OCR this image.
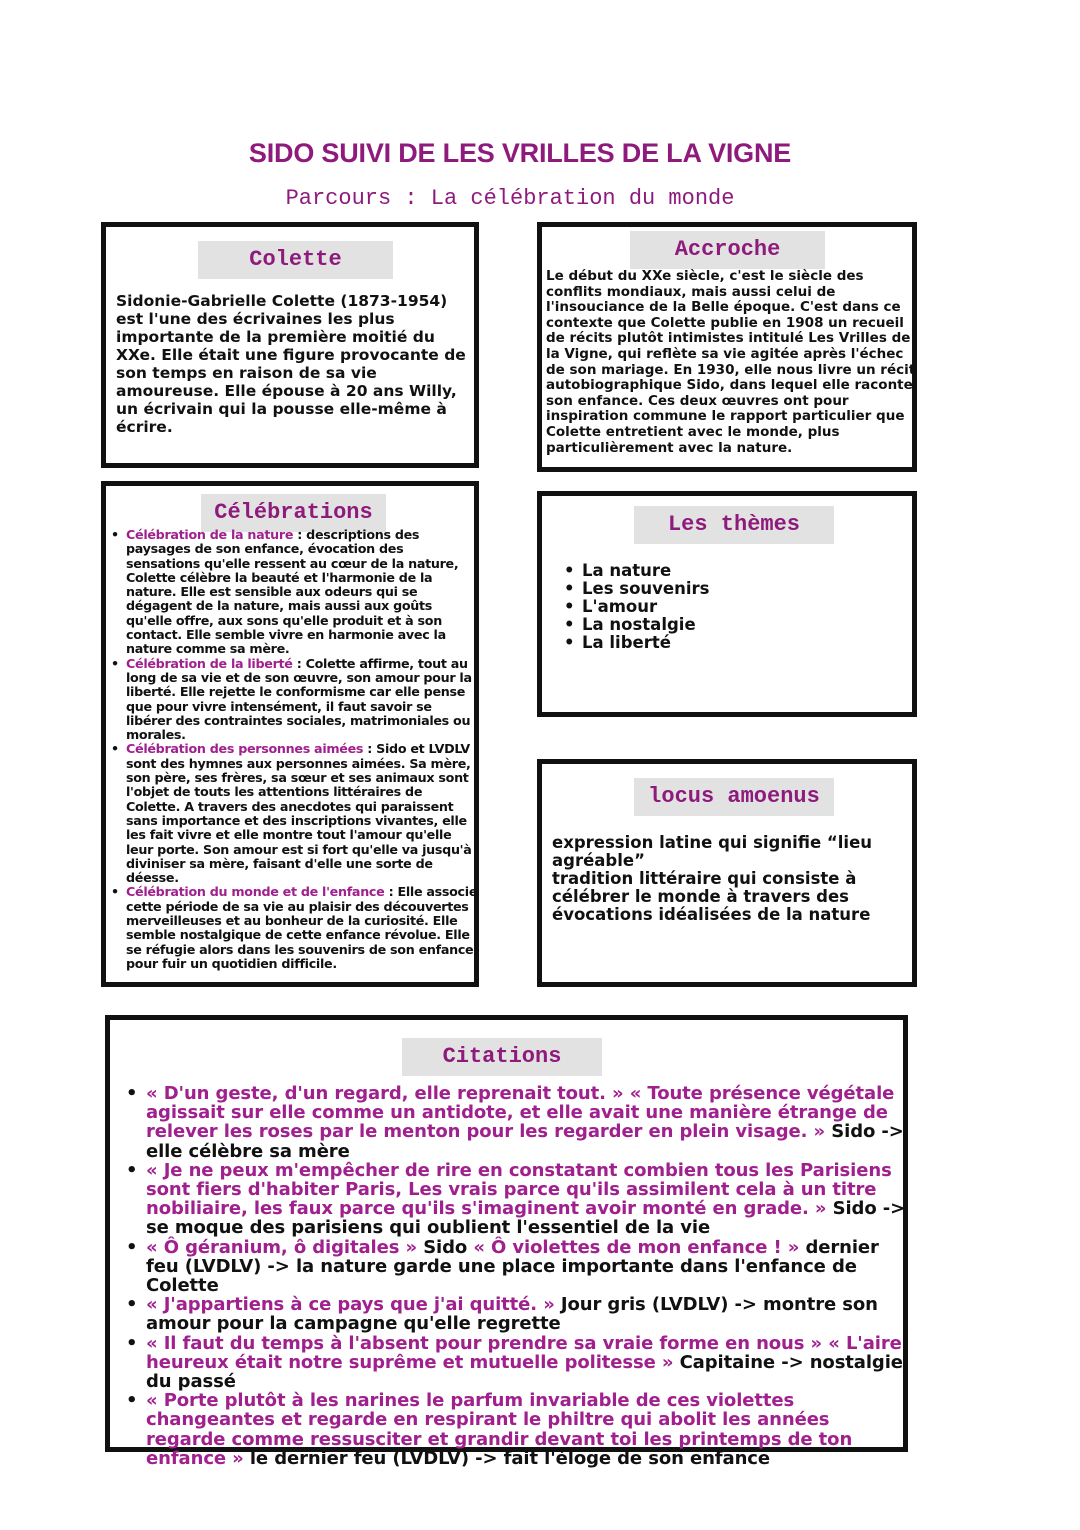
SIDO SUIVI DE LES VRILLES DE LA VIGNE
Parcours : La célébration du monde
Colette
Sidonie-Gabrielle Colette (1873-1954) est l'une des écrivaines les plus importante de la première moitié du XXe. Elle était une figure provocante de son temps en raison de sa vie amoureuse. Elle épouse à 20 ans Willy, un écrivain qui la pousse elle-même à écrire.
Accroche
Le début du XXe siècle, c'est le siècle des conflits mondiaux, mais aussi celui de l'insouciance de la Belle époque. C'est dans ce contexte que Colette publie en 1908 un recueil de récits plutôt intimistes intitulé Les Vrilles de la Vigne, qui reflète sa vie agitée après l'échec de son mariage. En 1930, elle nous livre un récit autobiographique Sido, dans lequel elle raconte son enfance. Ces deux œuvres ont pour inspiration commune le rapport particulier que Colette entretient avec le monde, plus particulièrement avec la nature.
Célébrations
• Célébration de la nature : descriptions des paysages de son enfance, évocation des sensations qu'elle ressent au cœur de la nature, Colette célèbre la beauté et l'harmonie de la nature. Elle est sensible aux odeurs qui se dégagent de la nature, mais aussi aux goûts qu'elle offre, aux sons qu'elle produit et à son contact. Elle semble vivre en harmonie avec la nature comme sa mère.
• Célébration de la liberté : Colette affirme, tout au long de sa vie et de son œuvre, son amour pour la liberté. Elle rejette le conformisme car elle pense que pour vivre intensément, il faut savoir se libérer des contraintes sociales, matrimoniales ou morales.
• Célébration des personnes aimées : Sido et LVDLV sont des hymnes aux personnes aimées. Sa mère, son père, ses frères, sa sœur et ses animaux sont l'objet de touts les attentions littéraires de Colette. A travers des anecdotes qui paraissent sans importance et des inscriptions vivantes, elle les fait vivre et elle montre tout l'amour qu'elle leur porte. Son amour est si fort qu'elle va jusqu'à diviniser sa mère, faisant d'elle une sorte de déesse.
• Célébration du monde et de l'enfance : Elle associe cette période de sa vie au plaisir des découvertes merveilleuses et au bonheur de la curiosité. Elle semble nostalgique de cette enfance révolue. Elle se réfugie alors dans les souvenirs de son enfance pour fuir un quotidien difficile.
Les thèmes
• La nature
• Les souvenirs
• L'amour
• La nostalgie
• La liberté
locus amoenus
expression latine qui signifie “lieu agréable”
tradition littéraire qui consiste à célébrer le monde à travers des évocations idéalisées de la nature
Citations
• « D'un geste, d'un regard, elle reprenait tout. » « Toute présence végétale agissait sur elle comme un antidote, et elle avait une manière étrange de relever les roses par le menton pour les regarder en plein visage. » Sido -> elle célèbre sa mère
• « Je ne peux m'empêcher de rire en constatant combien tous les Parisiens sont fiers d'habiter Paris, Les vrais parce qu'ils assimilent cela à un titre nobiliaire, les faux parce qu'ils s'imaginent avoir monté en grade. » Sido -> se moque des parisiens qui oublient l'essentiel de la vie
• « Ô géranium, ô digitales » Sido « Ô violettes de mon enfance ! » dernier feu (LVDLV) -> la nature garde une place importante dans l'enfance de Colette
• « J'appartiens à ce pays que j'ai quitté. » Jour gris (LVDLV) -> montre son amour pour la campagne qu'elle regrette
• « Il faut du temps à l'absent pour prendre sa vraie forme en nous » « L'aire heureux était notre suprême et mutuelle politesse » Capitaine -> nostalgie du passé
• « Porte plutôt à les narines le parfum invariable de ces violettes changeantes et regarde en respirant le philtre qui abolit les années regarde comme ressusciter et grandir devant toi les printemps de ton enfance » le dernier feu (LVDLV) -> fait l'éloge de son enfance
